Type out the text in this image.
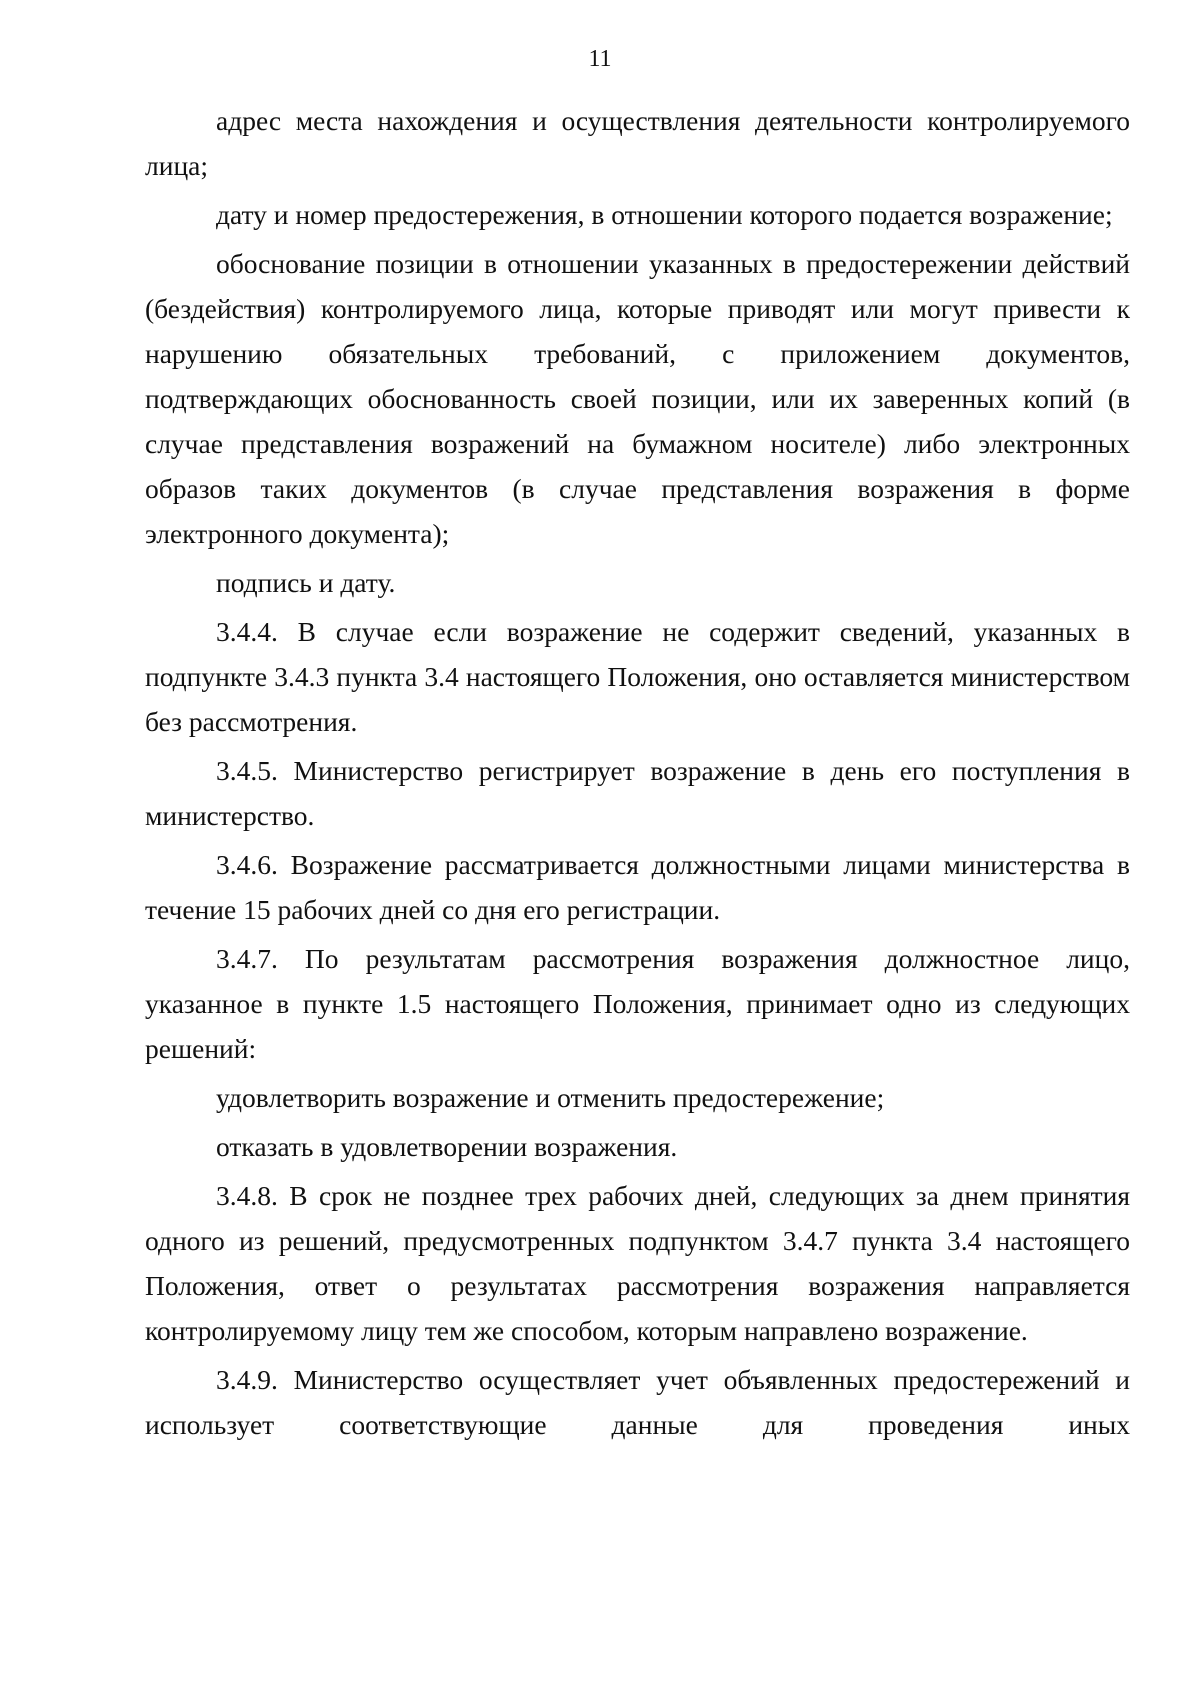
11

адрес места нахождения и осуществления деятельности контролируемого лица;

дату и номер предостережения, в отношении которого подается возражение;

обоснование позиции в отношении указанных в предостережении действий (бездействия) контролируемого лица, которые приводят или могут привести к нарушению обязательных требований, с приложением документов, подтверждающих обоснованность своей позиции, или их заверенных копий (в случае представления возражений на бумажном носителе) либо электронных образов таких документов (в случае представления возражения в форме электронного документа);

подпись и дату.

3.4.4. В случае если возражение не содержит сведений, указанных в подпункте 3.4.3 пункта 3.4 настоящего Положения, оно оставляется министерством без рассмотрения.

3.4.5. Министерство регистрирует возражение в день его поступления в министерство.

3.4.6. Возражение рассматривается должностными лицами министерства в течение 15 рабочих дней со дня его регистрации.

3.4.7. По результатам рассмотрения возражения должностное лицо, указанное в пункте 1.5 настоящего Положения, принимает одно из следующих решений:

удовлетворить возражение и отменить предостережение;

отказать в удовлетворении возражения.

3.4.8. В срок не позднее трех рабочих дней, следующих за днем принятия одного из решений, предусмотренных подпунктом 3.4.7 пункта 3.4 настоящего Положения, ответ о результатах рассмотрения возражения направляется контролируемому лицу тем же способом, которым направлено возражение.

3.4.9. Министерство осуществляет учет объявленных предостережений и использует соответствующие данные для проведения иных
